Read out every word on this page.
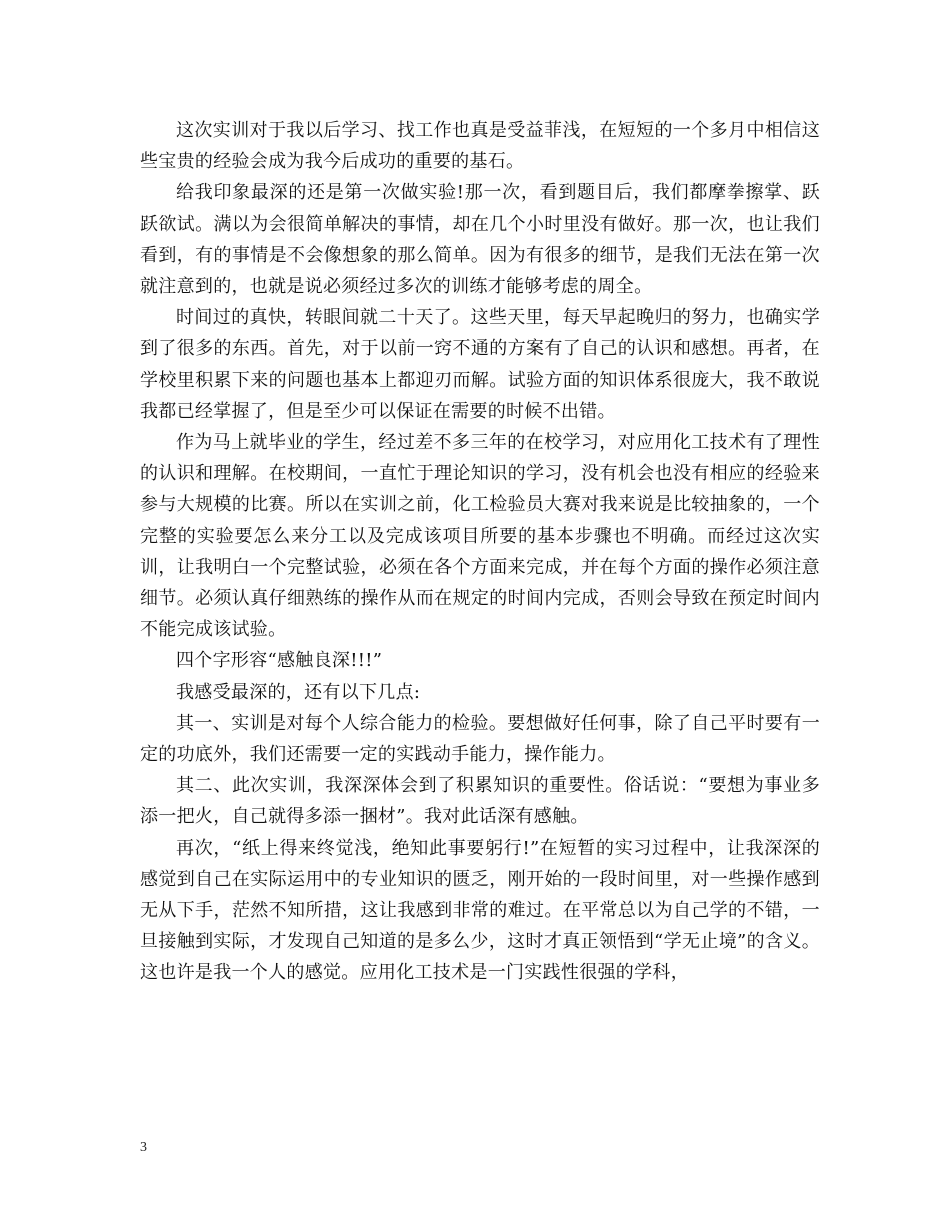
这次实训对于我以后学习、找工作也真是受益菲浅，在短短的一个多月中相信这些宝贵的经验会成为我今后成功的重要的基石。

给我印象最深的还是第一次做实验!那一次，看到题目后，我们都摩拳擦掌、跃跃欲试。满以为会很简单解决的事情，却在几个小时里没有做好。那一次，也让我们看到，有的事情是不会像想象的那么简单。因为有很多的细节，是我们无法在第一次就注意到的，也就是说必须经过多次的训练才能够考虑的周全。

时间过的真快，转眼间就二十天了。这些天里，每天早起晚归的努力，也确实学到了很多的东西。首先，对于以前一窍不通的方案有了自己的认识和感想。再者，在学校里积累下来的问题也基本上都迎刃而解。试验方面的知识体系很庞大，我不敢说我都已经掌握了，但是至少可以保证在需要的时候不出错。

作为马上就毕业的学生，经过差不多三年的在校学习，对应用化工技术有了理性的认识和理解。在校期间，一直忙于理论知识的学习，没有机会也没有相应的经验来参与大规模的比赛。所以在实训之前，化工检验员大赛对我来说是比较抽象的，一个完整的实验要怎么来分工以及完成该项目所要的基本步骤也不明确。而经过这次实训，让我明白一个完整试验，必须在各个方面来完成，并在每个方面的操作必须注意细节。必须认真仔细熟练的操作从而在规定的时间内完成，否则会导致在预定时间内不能完成该试验。

四个字形容“感触良深!!!”

我感受最深的，还有以下几点:

其一、实训是对每个人综合能力的检验。要想做好任何事，除了自己平时要有一定的功底外，我们还需要一定的实践动手能力，操作能力。

其二、此次实训，我深深体会到了积累知识的重要性。俗话说：“要想为事业多添一把火，自己就得多添一捆材”。我对此话深有感触。

再次，“纸上得来终觉浅，绝知此事要躬行!”在短暂的实习过程中，让我深深的感觉到自己在实际运用中的专业知识的匮乏，刚开始的一段时间里，对一些操作感到无从下手，茫然不知所措，这让我感到非常的难过。在平常总以为自己学的不错，一旦接触到实际，才发现自己知道的是多么少，这时才真正领悟到“学无止境”的含义。这也许是我一个人的感觉。应用化工技术是一门实践性很强的学科，

3
